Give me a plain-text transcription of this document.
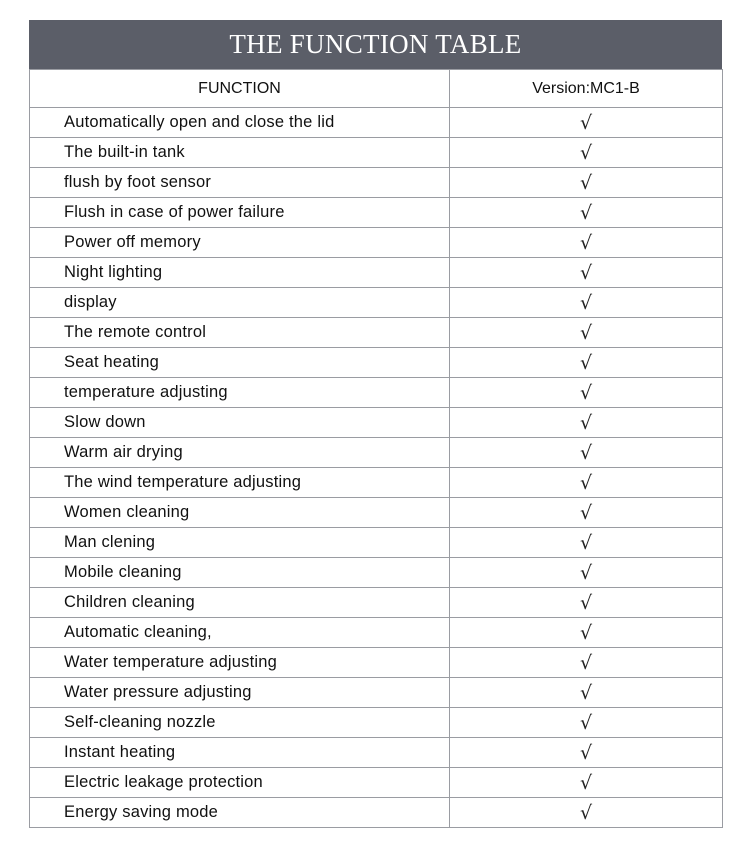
THE FUNCTION TABLE
FUNCTION	Version:MC1-B
Automatically open and close the lid	√
The built-in tank	√
flush by foot sensor	√
Flush in case of power failure	√
Power off memory	√
Night lighting	√
display	√
The remote control	√
Seat heating	√
temperature adjusting	√
Slow down	√
Warm air drying	√
The wind temperature adjusting	√
Women cleaning	√
Man clening	√
Mobile cleaning	√
Children cleaning	√
Automatic cleaning,	√
Water temperature adjusting	√
Water pressure adjusting	√
Self-cleaning nozzle	√
Instant heating	√
Electric leakage protection	√
Energy saving mode	√
